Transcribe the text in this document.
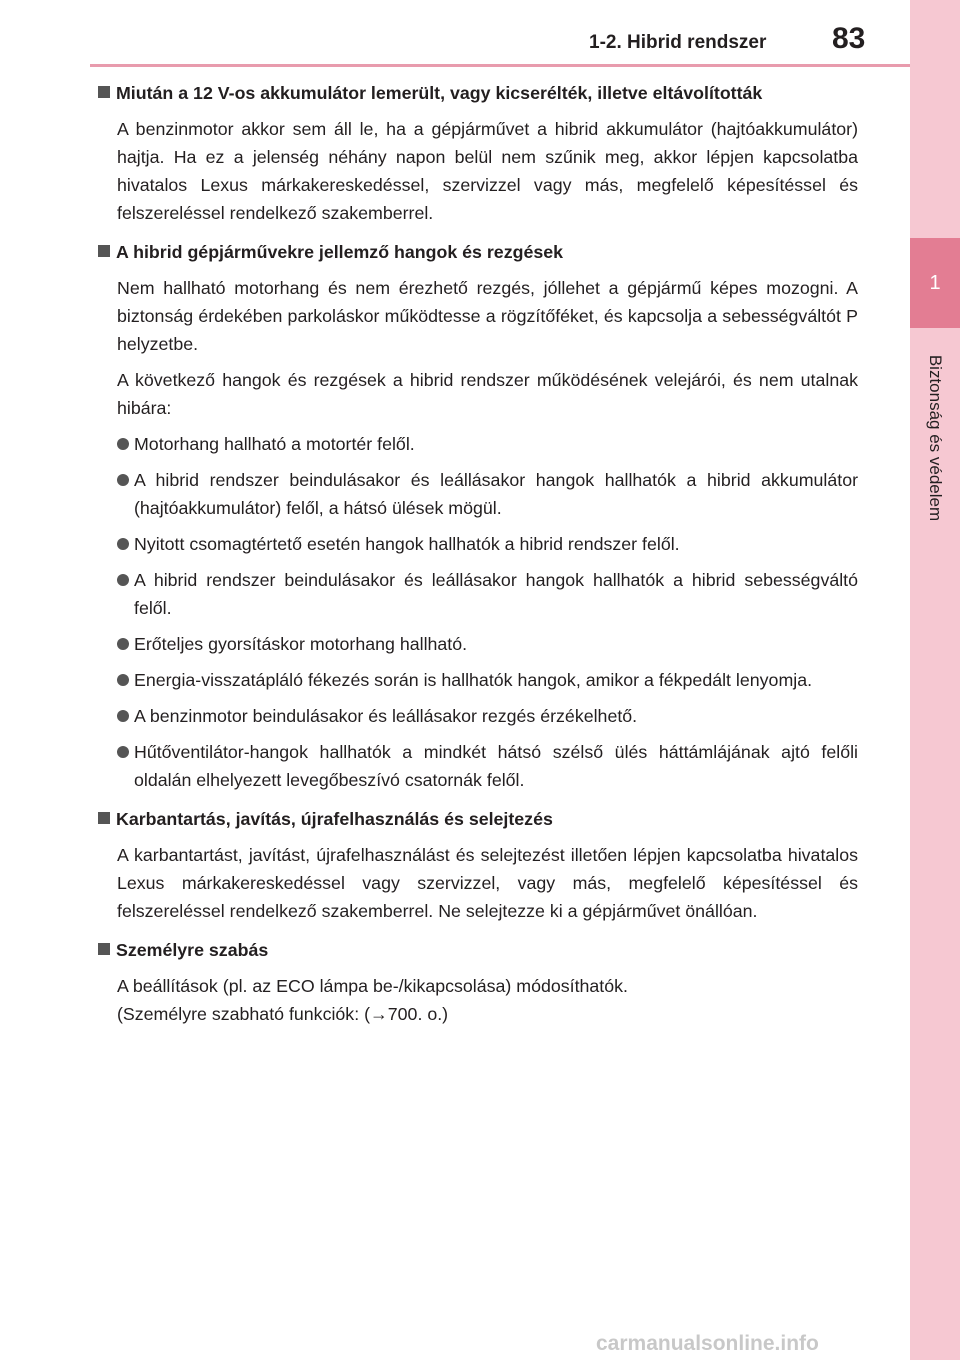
1
Biztonság és védelem
1-2. Hibrid rendszer 83
Miután a 12 V-os akkumulátor lemerült, vagy kicserélték, illetve eltávolították

A benzinmotor akkor sem áll le, ha a gépjárművet a hibrid akkumulátor (hajtóakkumulátor) hajtja. Ha ez a jelenség néhány napon belül nem szűnik meg, akkor lépjen kapcsolatba hivatalos Lexus márkakereskedéssel, szervizzel vagy más, megfelelő képesítéssel és felszereléssel rendelkező szakemberrel.

A hibrid gépjárművekre jellemző hangok és rezgések

Nem hallható motorhang és nem érezhető rezgés, jóllehet a gépjármű képes mozogni. A biztonság érdekében parkoláskor működtesse a rögzítőféket, és kapcsolja a sebességváltót P helyzetbe.

A következő hangok és rezgések a hibrid rendszer működésének velejárói, és nem utalnak hibára:

Motorhang hallható a motortér felől.
A hibrid rendszer beindulásakor és leállásakor hangok hallhatók a hibrid akkumulátor (hajtóakkumulátor) felől, a hátsó ülések mögül.
Nyitott csomagtértető esetén hangok hallhatók a hibrid rendszer felől.
A hibrid rendszer beindulásakor és leállásakor hangok hallhatók a hibrid sebességváltó felől.
Erőteljes gyorsításkor motorhang hallható.
Energia-visszatápláló fékezés során is hallhatók hangok, amikor a fékpedált lenyomja.
A benzinmotor beindulásakor és leállásakor rezgés érzékelhető.
Hűtőventilátor-hangok hallhatók a mindkét hátsó szélső ülés háttámlájának ajtó felőli oldalán elhelyezett levegőbeszívó csatornák felől.
Karbantartás, javítás, újrafelhasználás és selejtezés

A karbantartást, javítást, újrafelhasználást és selejtezést illetően lépjen kapcsolatba hivatalos Lexus márkakereskedéssel vagy szervizzel, vagy más, megfelelő képesítéssel és felszereléssel rendelkező szakemberrel. Ne selejtezze ki a gépjárművet önállóan.

Személyre szabás

A beállítások (pl. az ECO lámpa be-/kikapcsolása) módosíthatók.

(Személyre szabható funkciók: (→700. o.)

carmanualsonline.info
